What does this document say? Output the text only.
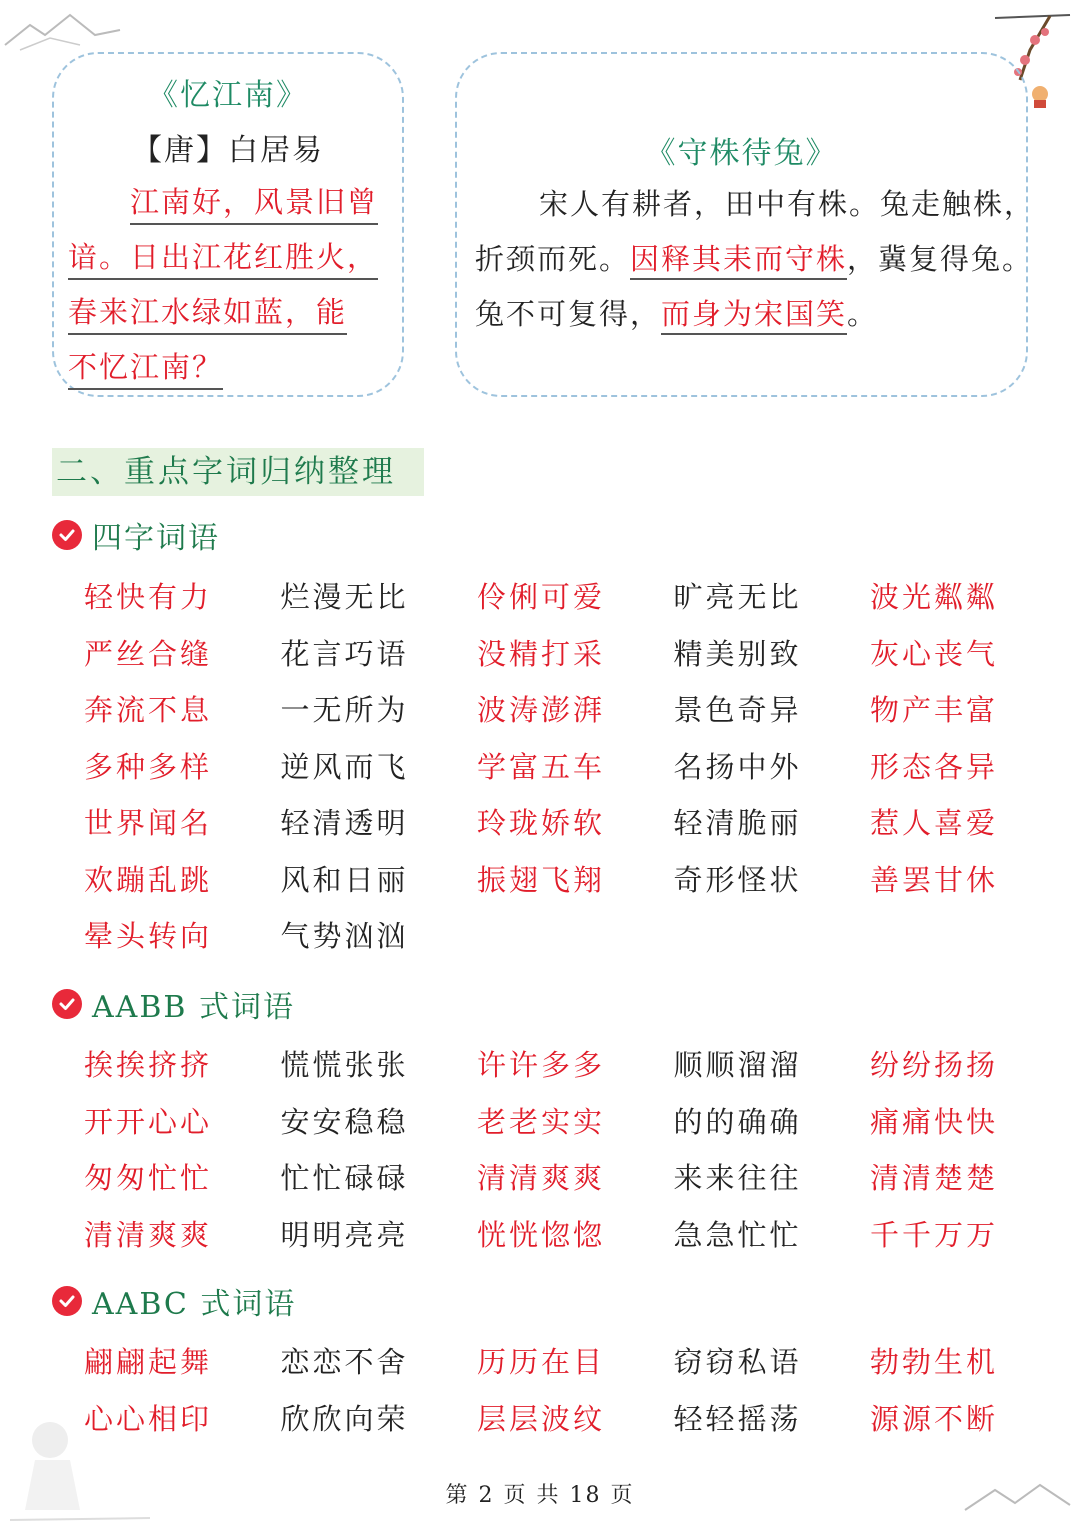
《忆江南》
【唐】白居易
江南好，风景旧曾
谙。日出江花红胜火，
春来江水绿如蓝，能
不忆江南？
《守株待兔》
宋人有耕者，田中有株。兔走触株，
折颈而死。因释其耒而守株，冀复得兔。
兔不可复得，而身为宋国笑。
二、重点字词归纳整理
四字词语
轻快有力	烂漫无比	伶俐可爱	旷亮无比	波光粼粼
严丝合缝	花言巧语	没精打采	精美别致	灰心丧气
奔流不息	一无所为	波涛澎湃	景色奇异	物产丰富
多种多样	逆风而飞	学富五车	名扬中外	形态各异
世界闻名	轻清透明	玲珑娇软	轻清脆丽	惹人喜爱
欢蹦乱跳	风和日丽	振翅飞翔	奇形怪状	善罢甘休
晕头转向	气势汹汹
AABB 式词语
挨挨挤挤	慌慌张张	许许多多	顺顺溜溜	纷纷扬扬
开开心心	安安稳稳	老老实实	的的确确	痛痛快快
匆匆忙忙	忙忙碌碌	清清爽爽	来来往往	清清楚楚
清清爽爽	明明亮亮	恍恍惚惚	急急忙忙	千千万万
AABC 式词语
翩翩起舞	恋恋不舍	历历在目	窃窃私语	勃勃生机
心心相印	欣欣向荣	层层波纹	轻轻摇荡	源源不断
第 2 页 共 18 页
